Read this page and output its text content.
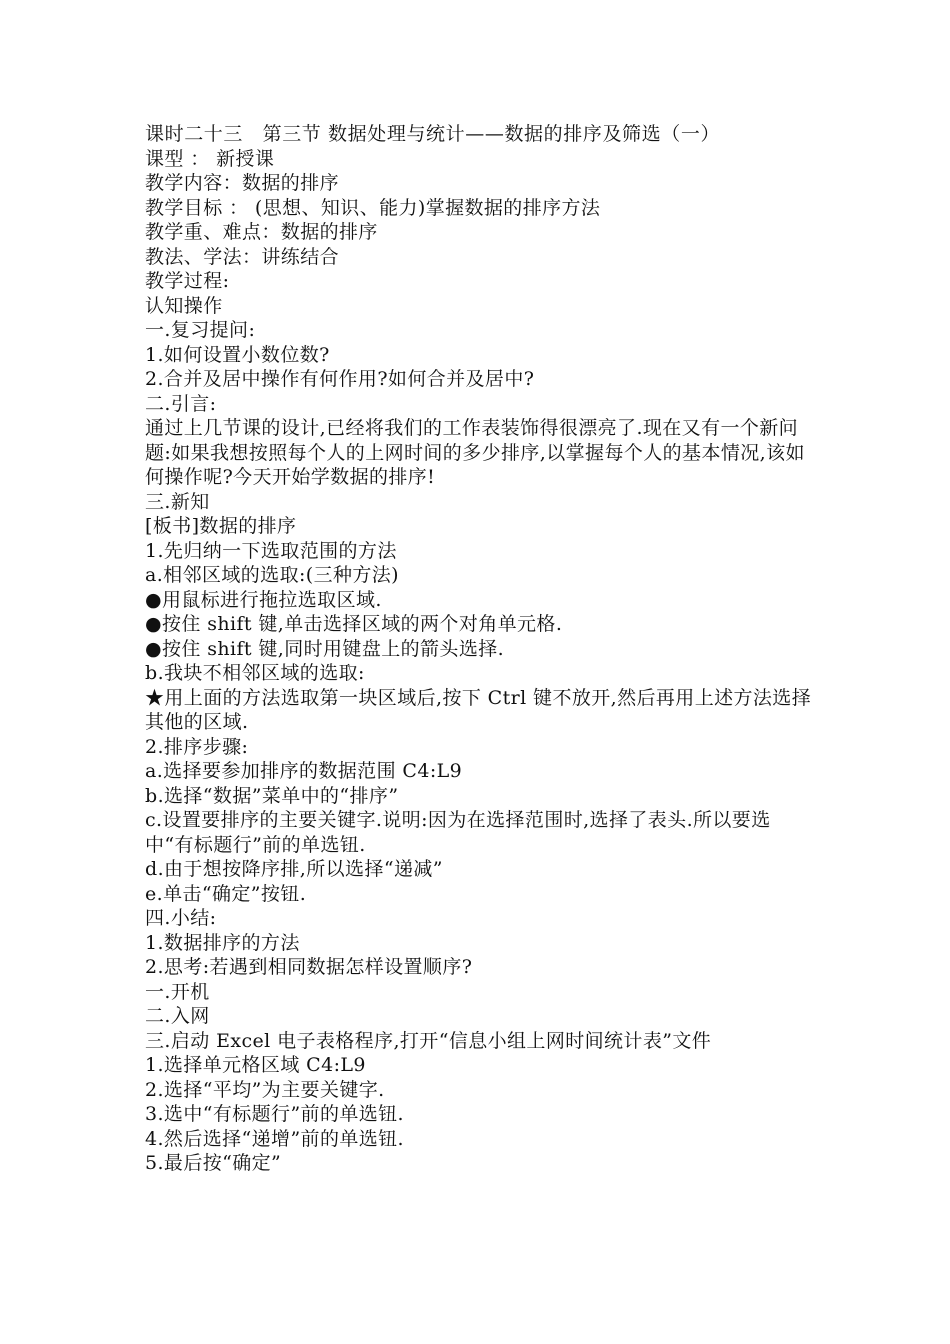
课时二十三　第三节 数据处理与统计——数据的排序及筛选（一）

课型 ： 新授课

教学内容：数据的排序

教学目标 ： (思想、知识、能力)掌握数据的排序方法

教学重、难点：数据的排序

教法、学法：讲练结合

教学过程:

认知操作

一.复习提问:

1.如何设置小数位数?

2.合并及居中操作有何作用?如何合并及居中?

二.引言:

通过上几节课的设计,已经将我们的工作表装饰得很漂亮了.现在又有一个新问题:如果我想按照每个人的上网时间的多少排序,以掌握每个人的基本情况,该如何操作呢?今天开始学数据的排序!

三.新知

[板书]数据的排序

1.先归纳一下选取范围的方法

a.相邻区域的选取:(三种方法)

●用鼠标进行拖拉选取区域.

●按住 shift 键,单击选择区域的两个对角单元格.

●按住 shift 键,同时用键盘上的箭头选择.

b.我块不相邻区域的选取:

★用上面的方法选取第一块区域后,按下 Ctrl 键不放开,然后再用上述方法选择其他的区域.

2.排序步骤:

a.选择要参加排序的数据范围 C4:L9

b.选择“数据”菜单中的“排序”

c.设置要排序的主要关键字.说明:因为在选择范围时,选择了表头.所以要选中“有标题行”前的单选钮.

d.由于想按降序排,所以选择“递减”

e.单击“确定”按钮.

四.小结:

1.数据排序的方法

2.思考:若遇到相同数据怎样设置顺序?

一.开机

二.入网

三.启动 Excel 电子表格程序,打开“信息小组上网时间统计表”文件

1.选择单元格区域 C4:L9

2.选择“平均”为主要关键字.

3.选中“有标题行”前的单选钮.

4.然后选择“递增”前的单选钮.

5.最后按“确定”
